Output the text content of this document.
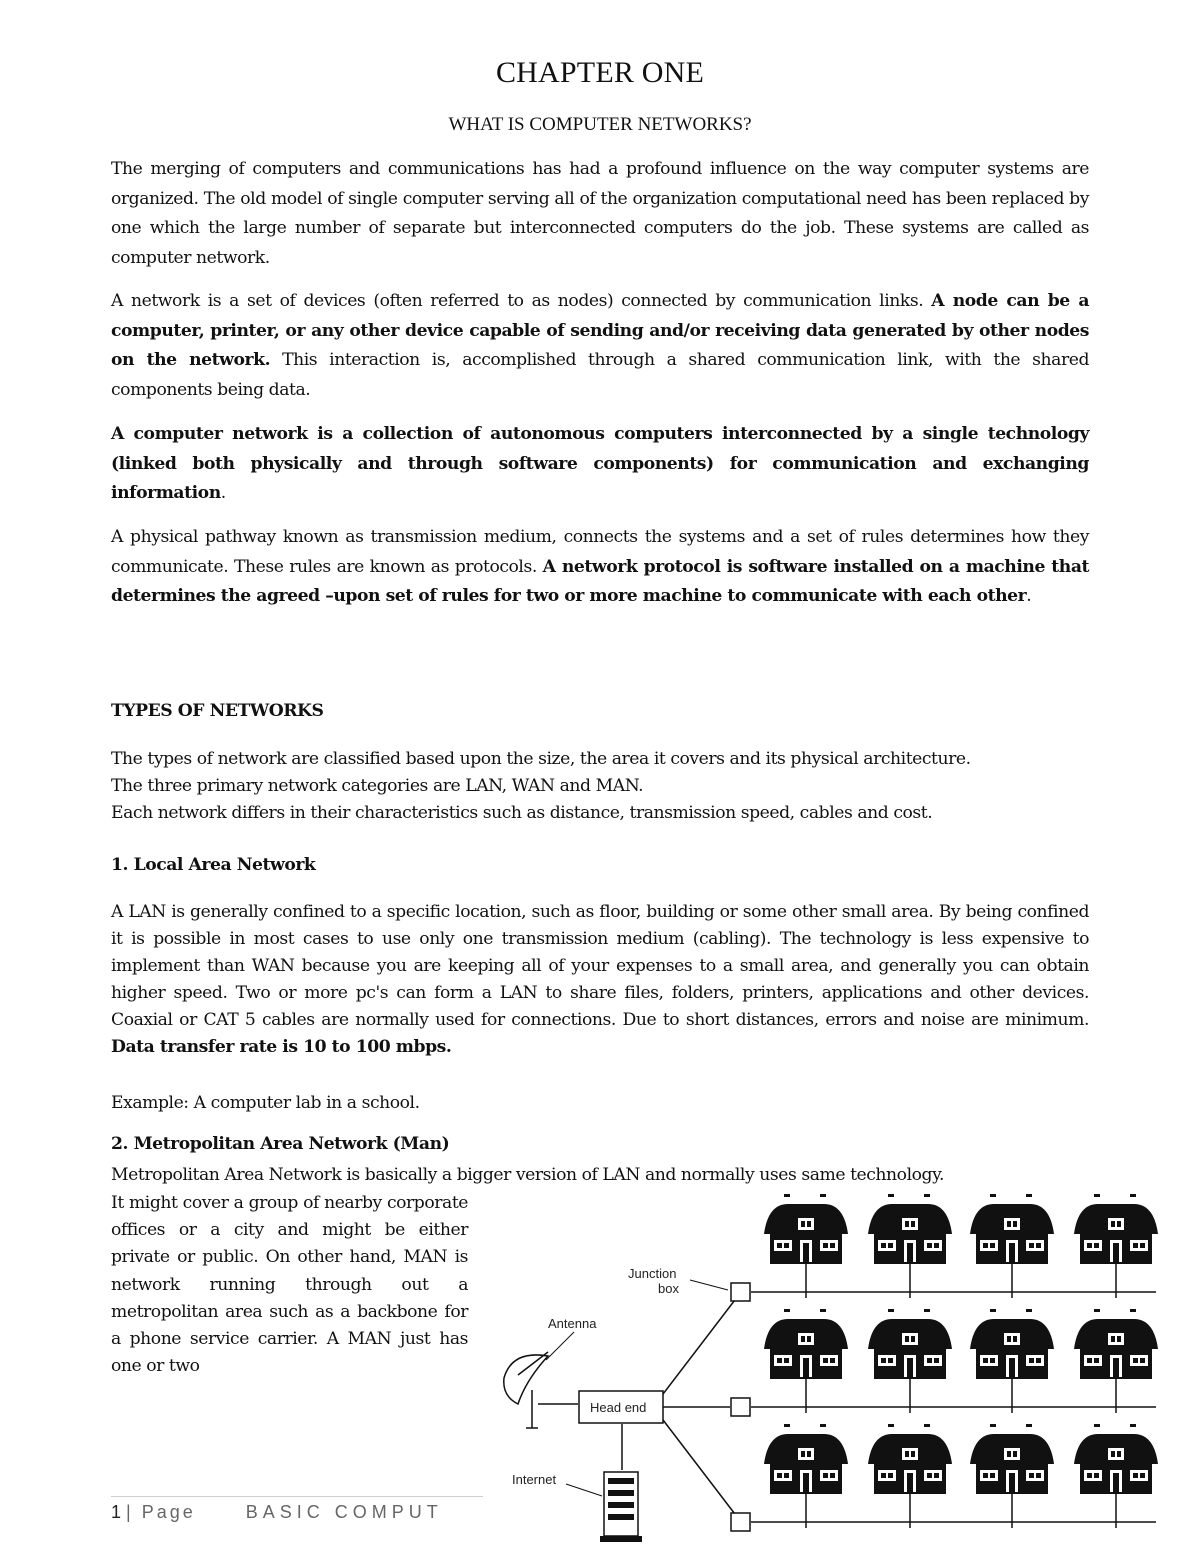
CHAPTER ONE
WHAT IS COMPUTER NETWORKS?

The merging of computers and communications has had a profound influence on the way computer systems are organized. The old model of single computer serving all of the organization computational need has been replaced by one which the large number of separate but interconnected computers do the job. These systems are called as computer network.

A network is a set of devices (often referred to as nodes) connected by communication links. A node can be a computer, printer, or any other device capable of sending and/or receiving data generated by other nodes on the network. This interaction is, accomplished through a shared communication link, with the shared components being data.

A computer network is a collection of autonomous computers interconnected by a single technology (linked both physically and through software components) for communication and exchanging information.

A physical pathway known as transmission medium, connects the systems and a set of rules determines how they communicate. These rules are known as protocols. A network protocol is software installed on a machine that determines the agreed –upon set of rules for two or more machine to communicate with each other.

TYPES OF NETWORKS
The types of network are classified based upon the size, the area it covers and its physical architecture.
The three primary network categories are LAN, WAN and MAN.
Each network differs in their characteristics such as distance, transmission speed, cables and cost.
1. Local Area Network

A LAN is generally confined to a specific location, such as floor, building or some other small area. By being confined it is possible in most cases to use only one transmission medium (cabling). The technology is less expensive to implement than WAN because you are keeping all of your expenses to a small area, and generally you can obtain higher speed. Two or more pc's can form a LAN to share files, folders, printers, applications and other devices. Coaxial or CAT 5 cables are normally used for connections. Due to short distances, errors and noise are minimum. Data transfer rate is 10 to 100 mbps.

Example: A computer lab in a school.
2. Metropolitan Area Network (Man)
Metropolitan Area Network is basically a bigger version of LAN and normally uses same technology.

It might cover a group of nearby corporate offices or a city and might be either private or public. On other hand, MAN is network running through out a metropolitan area such as a backbone for a phone service carrier. A MAN just has one or two

Head end
Junction
box
Antenna
Internet
1 | Page	BASIC COMPUT
